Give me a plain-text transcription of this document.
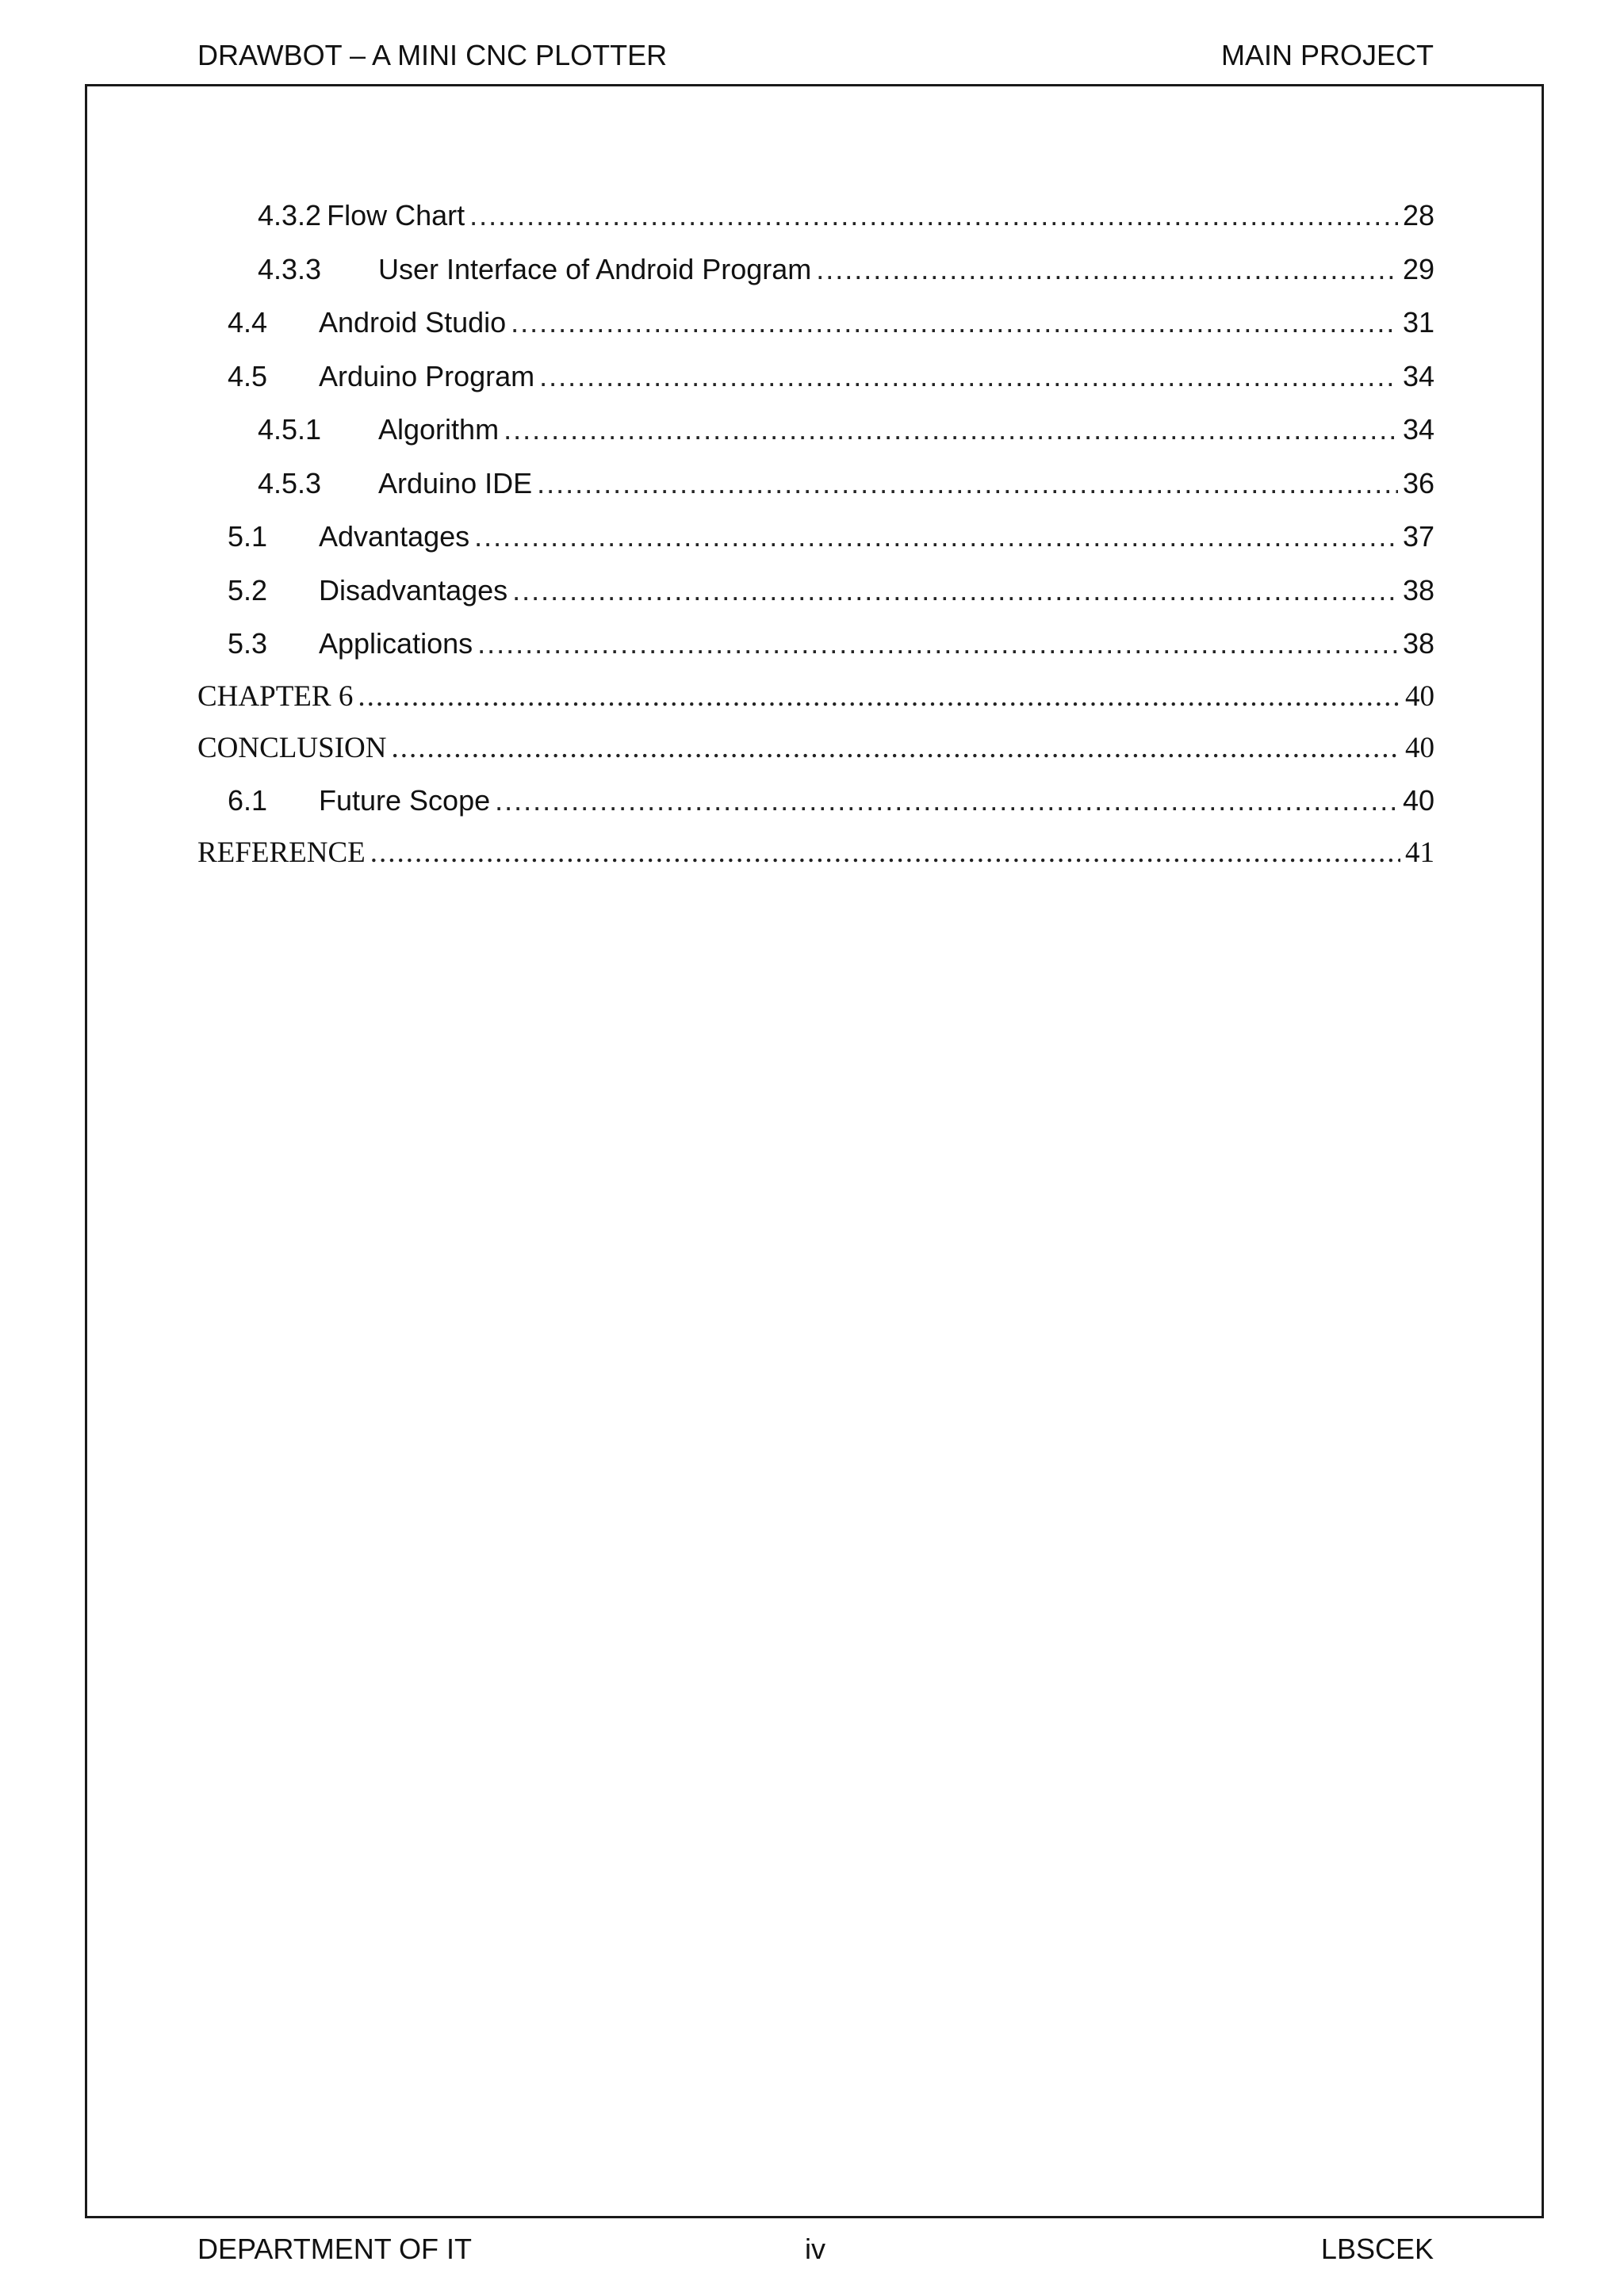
DRAWBOT – A MINI CNC PLOTTER	MAIN PROJECT
4.3.2 Flow Chart .....	28
4.3.3	User Interface of Android Program .....	29
4.4	Android Studio .....	31
4.5	Arduino Program .....	34
4.5.1	Algorithm .....	34
4.5.3	Arduino IDE .....	36
5.1	Advantages .....	37
5.2	Disadvantages .....	38
5.3	Applications .....	38
CHAPTER 6 .....	40
CONCLUSION .....	40
6.1	Future Scope .....	40
REFERENCE .....	41
DEPARTMENT OF IT	iv	LBSCEK
